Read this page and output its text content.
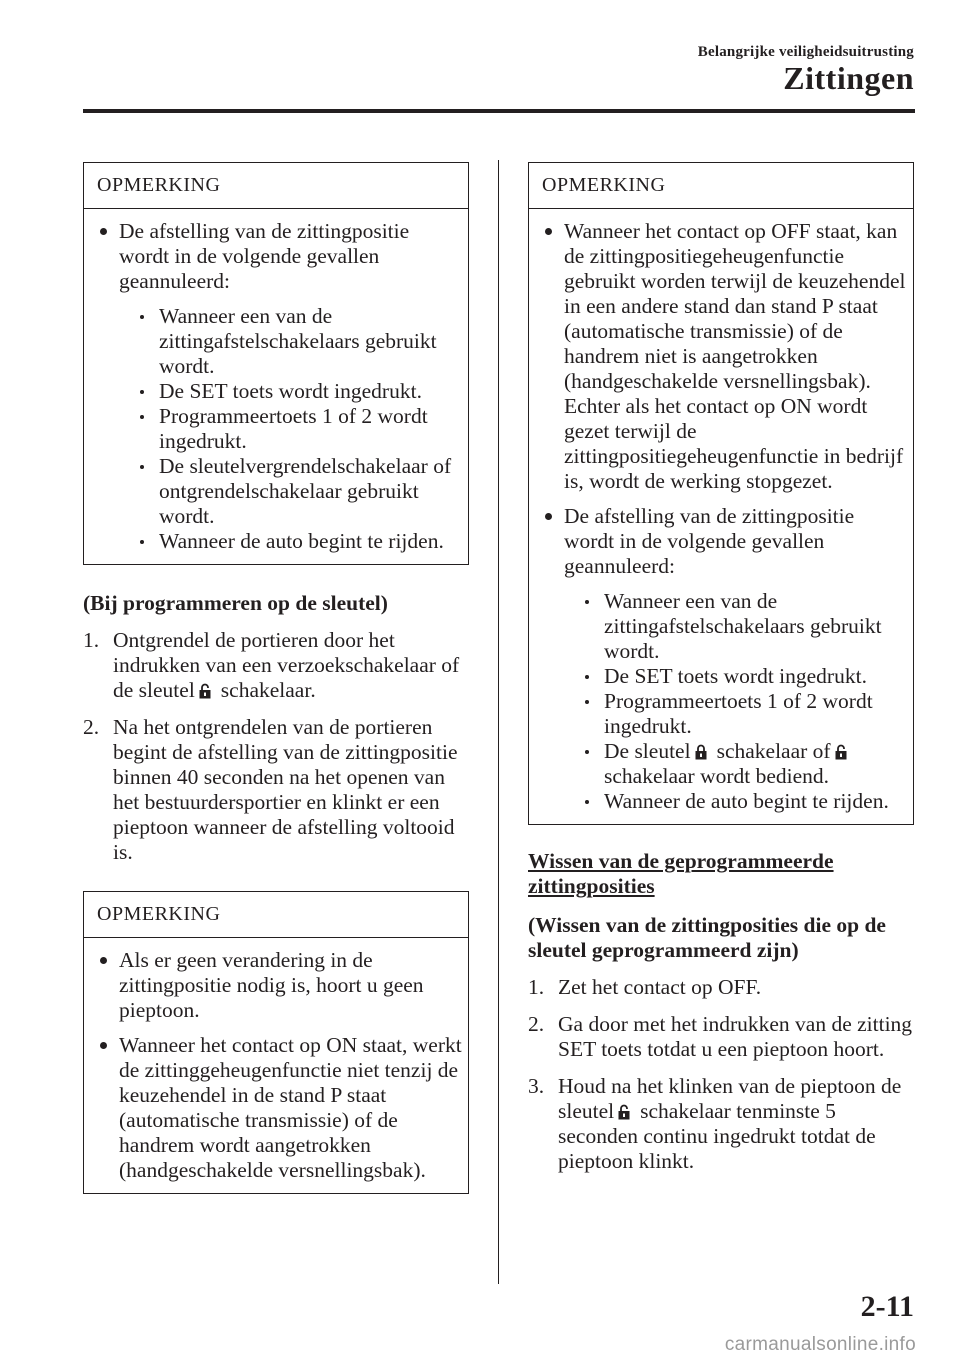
Belangrijke veiligheidsuitrusting
Zittingen
OPMERKING
De afstelling van de zittingpositie wordt in de volgende gevallen geannuleerd:
Wanneer een van de zittingafstelschakelaars gebruikt wordt.
De SET toets wordt ingedrukt.
Programmeertoets 1 of 2 wordt ingedrukt.
De sleutelvergrendelschakelaar of ontgrendelschakelaar gebruikt wordt.
Wanneer de auto begint te rijden.
(Bij programmeren op de sleutel)
1. Ontgrendel de portieren door het indrukken van een verzoekschakelaar of de sleutel schakelaar.
2. Na het ontgrendelen van de portieren begint de afstelling van de zittingpositie binnen 40 seconden na het openen van het bestuurdersportier en klinkt er een pieptoon wanneer de afstelling voltooid is.
OPMERKING
Als er geen verandering in de zittingpositie nodig is, hoort u geen pieptoon.
Wanneer het contact op ON staat, werkt de zittinggeheugenfunctie niet tenzij de keuzehendel in de stand P staat (automatische transmissie) of de handrem wordt aangetrokken (handgeschakelde versnellingsbak).
OPMERKING
Wanneer het contact op OFF staat, kan de zittingpositiegeheugenfunctie gebruikt worden terwijl de keuzehendel in een andere stand dan stand P staat (automatische transmissie) of de handrem niet is aangetrokken (handgeschakelde versnellingsbak). Echter als het contact op ON wordt gezet terwijl de zittingpositiegeheugenfunctie in bedrijf is, wordt de werking stopgezet.
De afstelling van de zittingpositie wordt in de volgende gevallen geannuleerd:
Wanneer een van de zittingafstelschakelaars gebruikt wordt.
De SET toets wordt ingedrukt.
Programmeertoets 1 of 2 wordt ingedrukt.
De sleutel schakelaar ofschakelaar wordt bediend.
Wanneer de auto begint te rijden.
Wissen van de geprogrammeerde zittingposities
(Wissen van de zittingposities die op de sleutel geprogrammeerd zijn)
1. Zet het contact op OFF.
2. Ga door met het indrukken van de zitting SET toets totdat u een pieptoon hoort.
3. Houd na het klinken van de pieptoon de sleutel schakelaar tenminste 5 seconden continu ingedrukt totdat de pieptoon klinkt.
2-11
carmanualsonline.info
